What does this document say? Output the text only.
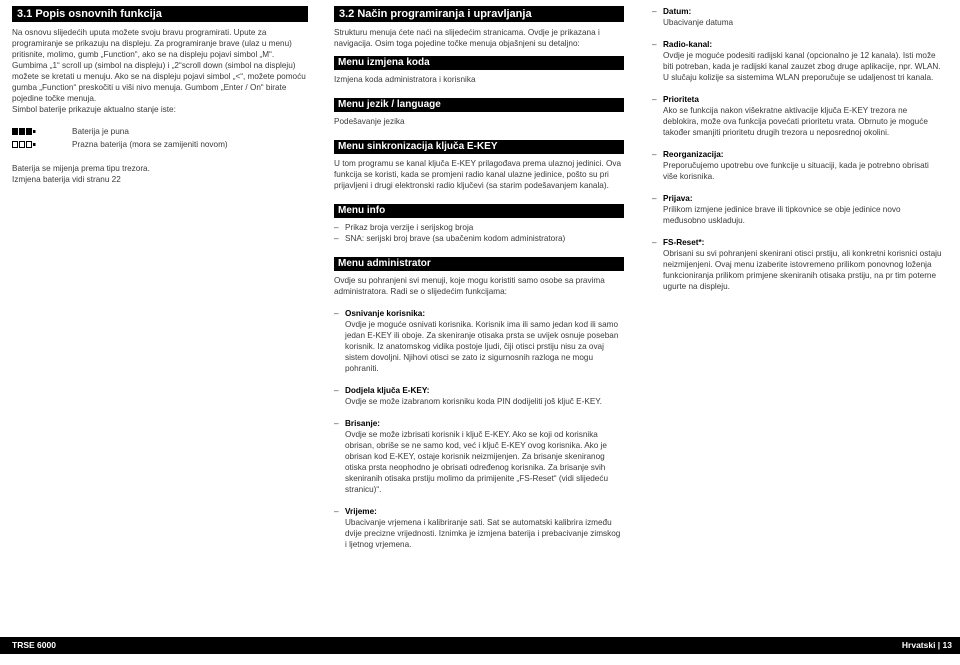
3.1 Popis osnovnih funkcija

Na osnovu slijedećih uputa možete svoju bravu programirati. Upute za programiranje se prikazuju na displeju. Za programiranje brave (ulaz u menu) pritisnite, molimo, gumb „Function“, ako se na displeju pojavi simbol „M“. Gumbima „1“ scroll up (simbol na displeju) i „2“scroll down (simbol na displeju) možete se kretati u menuju. Ako se na displeju pojavi simbol „<“, možete pomoću gumba „Function“ preskočiti u viši nivo menuja. Gumbom „Enter / On“ birate pojedine točke menuja.

Simbol baterije prikazuje aktualno stanje iste:

Baterija je puna
Prazna baterija (mora se zamijeniti novom)

Baterija se mijenja prema tipu trezora.

Izmjena baterija vidi stranu 22

3.2 Način programiranja i upravljanja

Strukturu menuja ćete naći na slijedećim stranicama. Ovdje je prikazana i navigacija. Osim toga pojedine točke menuja objašnjeni su detaljno:

Menu izmjena koda

Izmjena koda administratora i korisnika

Menu jezik / language

Podešavanje jezika

Menu sinkronizacija ključa E-KEY

U tom programu se kanal ključa E-KEY prilagođava prema ulaznoj jedinici. Ova funkcija se koristi, kada se promjeni radio kanal ulazne jedinice, pošto su pri prijavljeni i drugi elektronski radio ključevi (sa starim podešavanjem kanala).

Menu info
– Prikaz broja verzije i serijskog broja
– SNA: serijski broj brave (sa ubačenim kodom administratora)
Menu administrator

Ovdje su pohranjeni svi menuji, koje mogu koristiti samo osobe sa pravima administratora. Radi se o slijedećim funkcijama:

– Osnivanje korisnika:
Ovdje je moguće osnivati korisnika. Korisnik ima ili samo jedan kod ili samo jedan E-KEY ili oboje. Za skeniranje otisaka prsta se uvijek osnuje poseban korisnik. Iz anatomskog vidika postoje ljudi, čiji otisci prstiju nisu za ovaj sistem dovoljni. Njihovi otisci se zato iz sigurnosnih razloga ne mogu pohraniti.
– Dodjela ključa E-KEY:
Ovdje se može izabranom korisniku koda PIN dodijeliti još ključ E-KEY.
– Brisanje:
Ovdje se može izbrisati korisnik i ključ E-KEY. Ako se koji od korisnika obrisan, obriše se ne samo kod, već i ključ E-KEY ovog korisnika. Ako je obrisan kod E-KEY, ostaje korisnik neizmijenjen. Za brisanje skeniranog otiska prsta neophodno je obrisati određenog korisnika. Za brisanje svih skeniranih otisaka prstiju molimo da primijenite „FS-Reset“ (vidi slijedeću stranicu)“.
– Vrijeme:
Ubacivanje vrjemena i kalibriranje sati. Sat se automatski kalibrira između dvije precizne vrijednosti. Iznimka je izmjena baterija i prebacivanje zimskog i ljetnog vrjemena.
– Datum:
Ubacivanje datuma
– Radio-kanal:
Ovdje je moguće podesiti radijski kanal (opcionalno je 12 kanala). Isti može biti potreban, kada je radijski kanal zauzet zbog druge aplikacije, npr. WLAN. U slučaju kolizije sa sistemima WLAN preporučuje se udaljenost tri kanala.
– Prioriteta
Ako se funkcija nakon višekratne aktivacije ključa E-KEY trezora ne deblokira, može ova funkcija povećati prioritetu vrata. Obrnuto je moguće također smanjiti prioritetu drugih trezora u neposrednoj okolini.
– Reorganizacija:
Preporučujemo upotrebu ove funkcije u situaciji, kada je potrebno obrisati više korisnika.
– Prijava:
Prilikom izmjene jedinice brave ili tipkovnice se obje jedinice novo međusobno uskladuju.
– FS-Reset*:
Obrisani su svi pohranjeni skenirani otisci prstiju, ali konkretni korisnici ostaju neizmijenjeni. Ovaj menu izaberite istovremeno prilikom ponovnog loženja funkcioniranja prilikom primjene skeniranih otisaka prstiju, na pr tim poterne ugurte na displeju.
TRSE 6000	Hrvatski | 13
